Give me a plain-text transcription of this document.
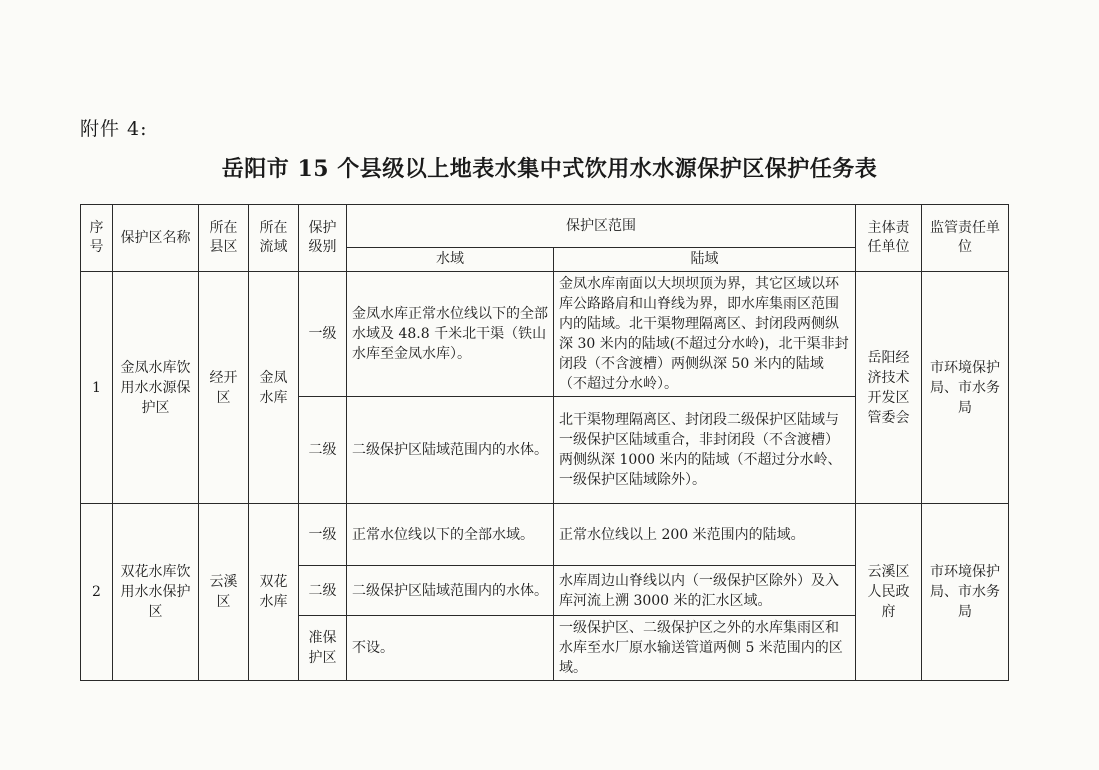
附件 4:
岳阳市 15 个县级以上地表水集中式饮用水水源保护区保护任务表
序号	保护区名称	所在县区	所在流域	保护级别	保护区范围		主体责任单位	监管责任单位
					水域	陆域		
1	金凤水库饮用水水源保护区	经开区	金凤水库	一级	金凤水库正常水位线以下的全部水域及 48.8 千米北干渠（铁山水库至金凤水库）。	金凤水库南面以大坝坝顶为界，其它区域以环库公路路肩和山脊线为界，即水库集雨区范围内的陆域。北干渠物理隔离区、封闭段两侧纵深 30 米内的陆域(不超过分水岭)，北干渠非封闭段（不含渡槽）两侧纵深 50 米内的陆域（不超过分水岭）。	岳阳经济技术开发区管委会	市环境保护局、市水务局
				二级	二级保护区陆域范围内的水体。	北干渠物理隔离区、封闭段二级保护区陆域与一级保护区陆域重合，非封闭段（不含渡槽）两侧纵深 1000 米内的陆域（不超过分水岭、一级保护区陆域除外）。		
2	双花水库饮用水水保护区	云溪区	双花水库	一级	正常水位线以下的全部水域。	正常水位线以上 200 米范围内的陆域。	云溪区人民政府	市环境保护局、市水务局
				二级	二级保护区陆域范围内的水体。	水库周边山脊线以内（一级保护区除外）及入库河流上溯 3000 米的汇水区域。		
				准保护区	不设。	一级保护区、二级保护区之外的水库集雨区和水库至水厂原水输送管道两侧 5 米范围内的区域。		
